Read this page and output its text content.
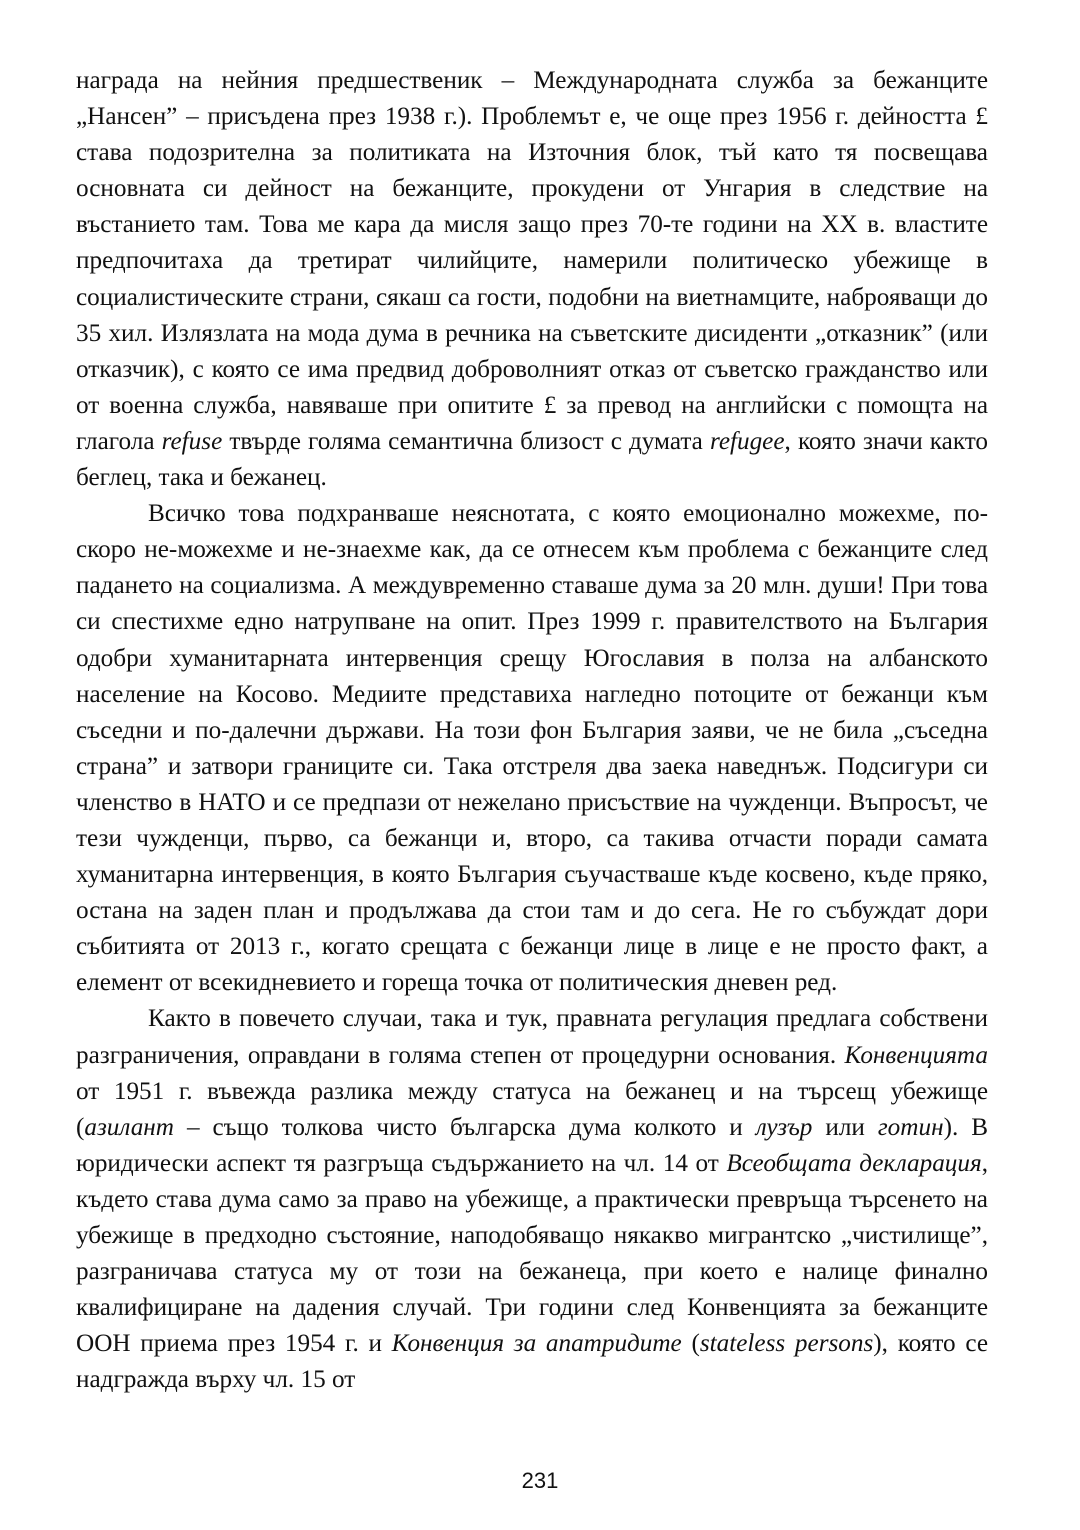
награда на нейния предшественик – Международната служба за бежанците „Нансен” – присъдена през 1938 г.). Проблемът е, че още през 1956 г. дейността £ става подозрителна за политиката на Източния блок, тъй като тя посвещава основната си дейност на бежанците, прокудени от Унгария в следствие на въстанието там. Това ме кара да мисля защо през 70-те години на ХХ в. властите предпочитаха да третират чилийците, намерили политическо убежище в социалистическите страни, сякаш са гости, подобни на виетнамците, наброяващи до 35 хил. Излязлата на мода дума в речника на съветските дисиденти „отказник” (или отказчик), с която се има предвид доброволният отказ от съветско гражданство или от военна служба, навяваше при опитите £ за превод на английски с помощта на глагола refuse твърде голяма семантична близост с думата refugee, която значи както беглец, така и бежанец.

Всичко това подхранваше неяснотата, с която емоционално можехме, по-скоро не-можехме и не-знаехме как, да се отнесем към проблема с бежанците след падането на социализма. А междувременно ставаше дума за 20 млн. души! При това си спестихме едно натрупване на опит. През 1999 г. правителството на България одобри хуманитарната интервенция срещу Югославия в полза на албанското население на Косово. Медиите представиха нагледно потоците от бежанци към съседни и по-далечни държави. На този фон България заяви, че не била „съседна страна” и затвори границите си. Така отстреля два заека наведнъж. Подсигури си членство в НАТО и се предпази от нежелано присъствие на чужденци. Въпросът, че тези чужденци, първо, са бежанци и, второ, са такива отчасти поради самата хуманитарна интервенция, в която България съучастваше къде косвено, къде пряко, остана на заден план и продължава да стои там и до сега. Не го събуждат дори събитията от 2013 г., когато срещата с бежанци лице в лице е не просто факт, а елемент от всекидневието и гореща точка от политическия дневен ред.

Както в повечето случаи, така и тук, правната регулация предлага собствени разграничения, оправдани в голяма степен от процедурни основания. Конвенцията от 1951 г. въвежда разлика между статуса на бежанец и на търсещ убежище (азилант – също толкова чисто българска дума колкото и лузър или готин). В юридически аспект тя разгръща съдържанието на чл. 14 от Всеобщата декларация, където става дума само за право на убежище, а практически превръща търсенето на убежище в предходно състояние, наподобяващо някакво мигрантско „чистилище”, разграничава статуса му от този на бежанеца, при което е налице финално квалифициране на дадения случай. Три години след Конвенцията за бежанците ООН приема през 1954 г. и Конвенция за апатридите (stateless persons), която се надгражда върху чл. 15 от

231
